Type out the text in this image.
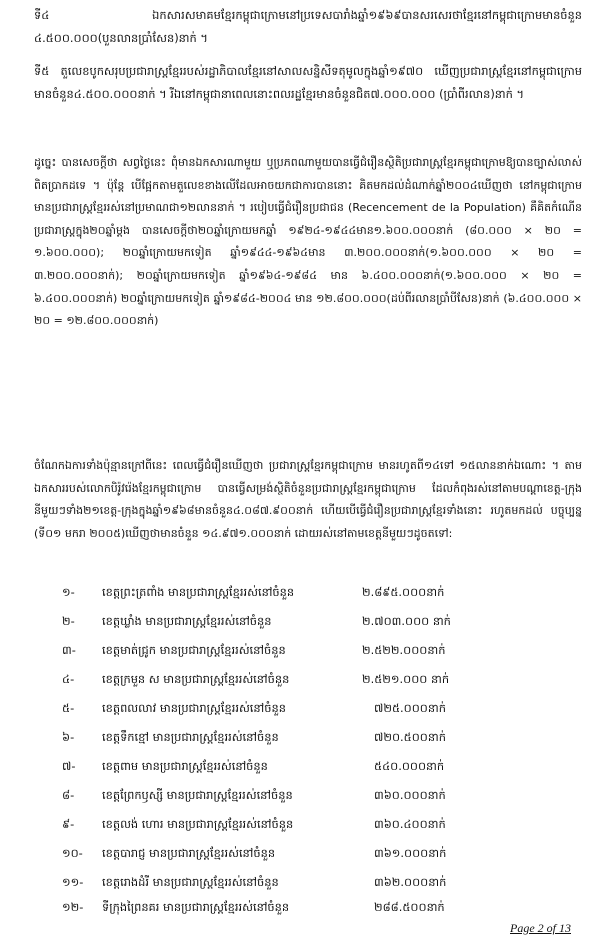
ទី៤ ឯកសារសមាគមខ្មែរកម្ពុជាក្រោមនៅប្រទេសបារាំងឆ្នាំ១៩៦៩បានសរសេរថាខ្មែរនៅកម្ពុជាក្រោមមានចំនួន ៤.៥០០.០០០(បួនលានប្រាំសែន)នាក់ ។

ទី៥ តួលេខបូកសរុបប្រជារាស្ត្រខ្មែររបស់រដ្ឋាភិបាលខ្មែរនៅសាលសន្និសីទតុមូលក្នុងឆ្នាំ១៩៧០ ឃើញប្រជារាស្ត្រខ្មែរនៅកម្ពុជាក្រោមមានចំនួន៤.៥០០.០០០នាក់ ។ រីឯនៅកម្ពុជានាពេលនោះពលរដ្ឋខ្មែរមានចំនួនជិត៧.០០០.០០០ (ប្រាំពីរលាន)នាក់ ។

ដូច្នេះ បានសេចក្តីថា សព្វថ្ងៃនេះ ពុំមានឯកសារណាមួយ ឬប្រភពណាមួយបានធ្វើជំរឿនស្ថិតិប្រជារាស្ត្រខ្មែរកម្ពុជាក្រោមឱ្យបានច្បាស់លាស់ពិតប្រាកដទេ ។ ប៉ុន្តែ បើផ្អែកតាមតួលេខខាងលើដែលអាចយកជាការបាននោះ គិតមកដល់ដំណាក់ឆ្នាំ២០០៤ឃើញថា នៅកម្ពុជាក្រោម មានប្រជារាស្ត្រខ្មែររស់នៅប្រមាណជា១២លាននាក់ ។ របៀបធ្វើជំរឿនប្រជាជន (Recencement de la Population) គឺគិតកំណើនប្រជារាស្ត្រក្នុង២០ឆ្នាំម្តង បានសេចក្តីថា២០ឆ្នាំក្រោយមកឆ្នាំ ១៩២៤-១៩៤៤មាន១.៦០០.០០០នាក់ (៨០.០០០ × ២០ = ១.៦០០.០០០); ២០ឆ្នាំក្រោយមកទៀត ឆ្នាំ១៩៤៤-១៩៦៤មាន ៣.២០០.០០០នាក់(១.៦០០.០០០ × ២០ = ៣.២០០.០០០នាក់); ២០ឆ្នាំក្រោយមកទៀត ឆ្នាំ១៩៦៤-១៩៨៤ មាន ៦.៤០០.០០០នាក់(១.៦០០.០០០ × ២០ = ៦.៤០០.០០០នាក់) ២០ឆ្នាំក្រោយមកទៀត ឆ្នាំ១៩៨៤-២០០៤ មាន ១២.៨០០.០០០(ដប់ពីរលានប្រាំបីសែន)នាក់ (៦.៤០០.០០០ × ២០ = ១២.៨០០.០០០នាក់)

ចំណែកឯការទាំងប៉ុន្មានក្រៅពីនេះ ពេលធ្វើជំរឿនឃើញថា ប្រជារាស្ត្រខ្មែរកម្ពុជាក្រោម មានរហូតពី១៤ទៅ ១៥លាននាក់ឯណោះ ។ តាមឯកសាររបស់លោកបិរ៉ូវរ៉េងខ្មែរកម្ពុជាក្រោម បានធ្វើសម្រង់ស្ថិតិចំនួនប្រជារាស្ត្រខ្មែរកម្ពុជាក្រោម ដែលកំពុងរស់នៅតាមបណ្តាខេត្ត-ក្រុងនីមួយៗទាំង២១ខេត្ត-ក្រុងក្នុងឆ្នាំ១៩៦៨មានចំនួន៤.០៨៧.៩០០នាក់ ហើយបើធ្វើជំរឿនប្រជារាស្ត្រខ្មែរទាំងនោះ រហូតមកដល់ បច្ចុប្បន្ន (ទី០១ មករា ២០០៥)ឃើញថាមានចំនួន ១៤.៩៧១.០០០នាក់ ដោយរស់នៅតាមខេត្តនីមួយៗដូចតទៅ:

១-	ខេត្តព្រះត្រពាំង មានប្រជារាស្ត្រខ្មែររស់នៅចំនួន	២.៨៩៥.០០០នាក់
២-	ខេត្តឃ្លាំង មានប្រជារាស្ត្រខ្មែររស់នៅចំនួន	២.៧០៣.០០០ នាក់
៣-	ខេត្តមាត់ជ្រូក មានប្រជារាស្ត្រខ្មែររស់នៅចំនួន	២.៥២២.០០០នាក់
៤-	ខេត្តក្រមួន ស មានប្រជារាស្ត្រខ្មែររស់នៅចំនួន	២.៥២១.០០០ នាក់
៥-	ខេត្តពលលាវ មានប្រជារាស្ត្រខ្មែររស់នៅចំនួន	៧២៥.០០០នាក់
៦-	ខេត្តទឹកខ្មៅ មានប្រជារាស្ត្រខ្មែររស់នៅចំនួន	៧២០.៥០០នាក់
៧-	ខេត្តពាម មានប្រជារាស្ត្រខ្មែររស់នៅចំនួន	៥៤០.០០០នាក់
៨-	ខេត្តព្រែកឫស្សី មានប្រជារាស្ត្រខ្មែររស់នៅចំនួន	៣៦០.០០០នាក់
៩-	ខេត្តលង់ ហោរ មានប្រជារាស្ត្រខ្មែររស់នៅចំនួន	៣៦០.៤០០នាក់
១០-	ខេត្តបារាជ្ញ មានប្រជារាស្ត្រខ្មែររស់នៅចំនួន	៣៦១.០០០នាក់
១១-	ខេត្តរោងដំរី មានប្រជារាស្ត្រខ្មែររស់នៅចំនួន	៣៦២.០០០នាក់
១២-	ទីក្រុងព្រៃនគរ មានប្រជារាស្ត្រខ្មែររស់នៅចំនួន	២៨៨.៥០០នាក់
Page 2 of 13
